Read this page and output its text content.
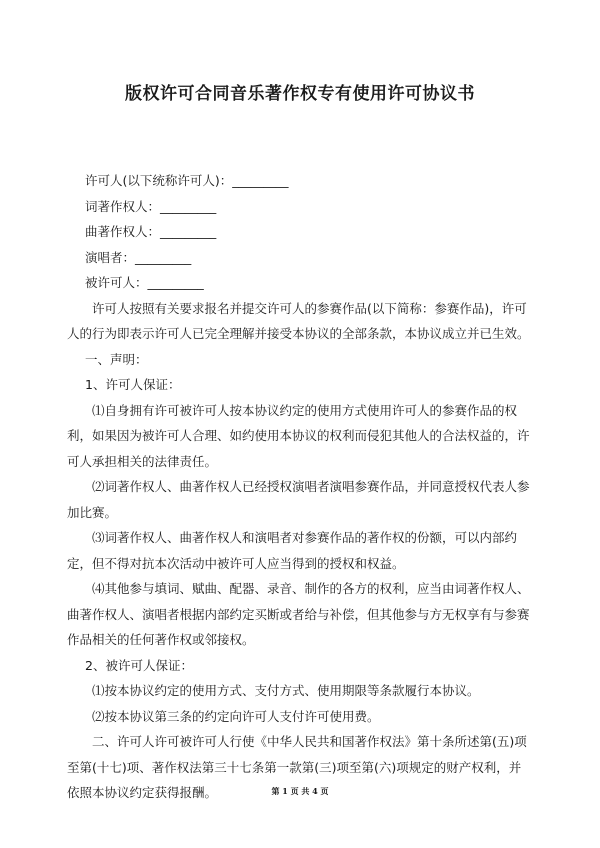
版权许可合同音乐著作权专有使用许可协议书

许可人(以下统称许可人)：_________

词著作权人：_________

曲著作权人：_________

演唱者：_________

被许可人：_________

许可人按照有关要求报名并提交许可人的参赛作品(以下简称：参赛作品)，许可人的行为即表示许可人已完全理解并接受本协议的全部条款，本协议成立并已生效。

一、声明：

1、许可人保证：

⑴自身拥有许可被许可人按本协议约定的使用方式使用许可人的参赛作品的权利，如果因为被许可人合理、如约使用本协议的权利而侵犯其他人的合法权益的，许可人承担相关的法律责任。

⑵词著作权人、曲著作权人已经授权演唱者演唱参赛作品，并同意授权代表人参加比赛。

⑶词著作权人、曲著作权人和演唱者对参赛作品的著作权的份额，可以内部约定，但不得对抗本次活动中被许可人应当得到的授权和权益。

⑷其他参与填词、赋曲、配器、录音、制作的各方的权利，应当由词著作权人、曲著作权人、演唱者根据内部约定买断或者给与补偿，但其他参与方无权享有与参赛作品相关的任何著作权或邻接权。

2、被许可人保证：

⑴按本协议约定的使用方式、支付方式、使用期限等条款履行本协议。

⑵按本协议第三条的约定向许可人支付许可使用费。

二、许可人许可被许可人行使《中华人民共和国著作权法》第十条所述第(五)项至第(十七)项、著作权法第三十七条第一款第(三)项至第(六)项规定的财产权利，并依照本协议约定获得报酬。	第 1 页 共 4 页
